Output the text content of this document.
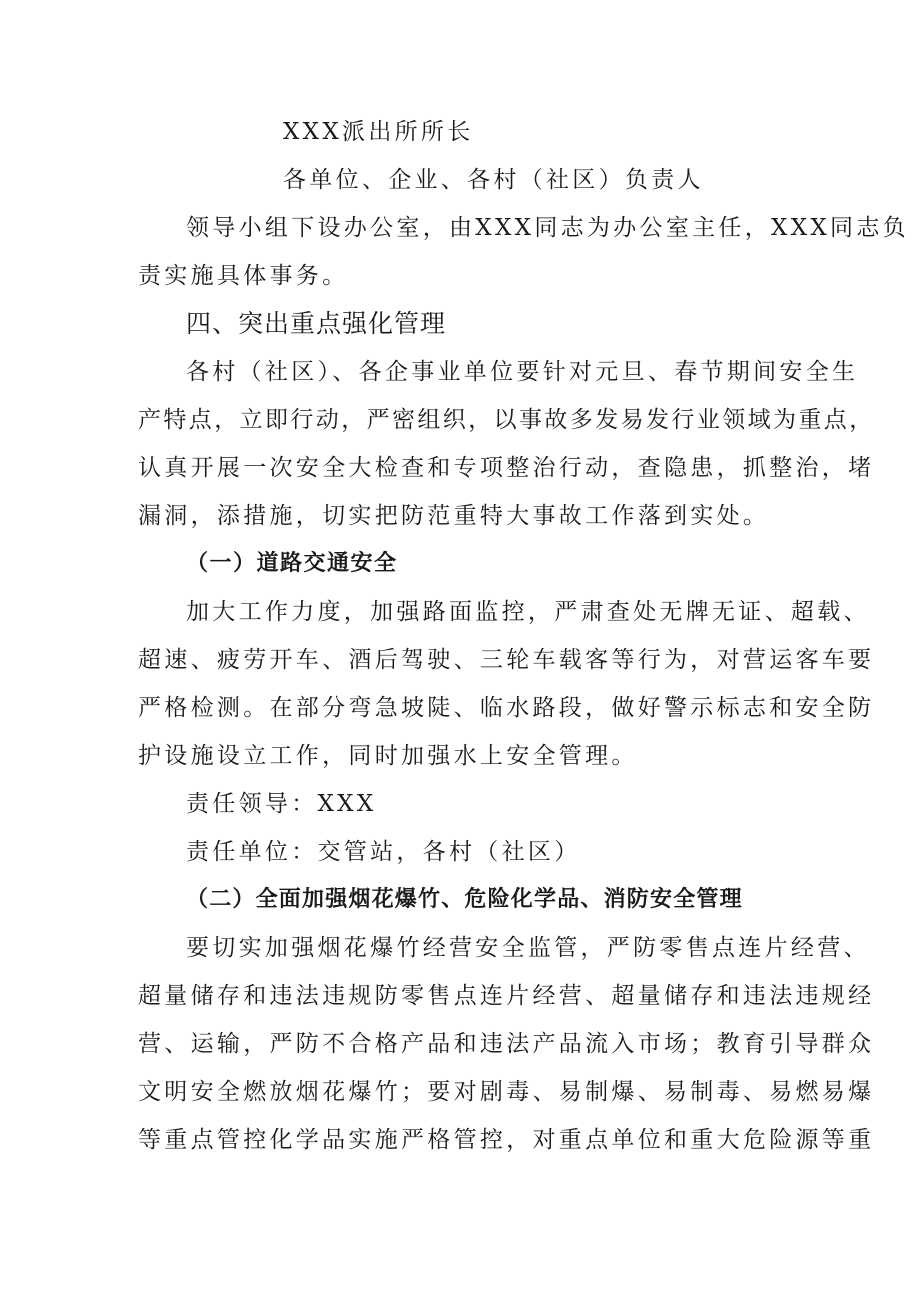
XXX派出所所长
各单位、企业、各村（社区）负责人
领导小组下设办公室，由XXX同志为办公室主任，XXX同志负
责实施具体事务。
四、突出重点强化管理
各村（社区）、各企事业单位要针对元旦、春节期间安全生
产特点，立即行动，严密组织，以事故多发易发行业领域为重点，
认真开展一次安全大检查和专项整治行动，查隐患，抓整治，堵
漏洞，添措施，切实把防范重特大事故工作落到实处。
（一）道路交通安全
加大工作力度，加强路面监控，严肃查处无牌无证、超载、
超速、疲劳开车、酒后驾驶、三轮车载客等行为，对营运客车要
严格检测。在部分弯急坡陡、临水路段，做好警示标志和安全防
护设施设立工作，同时加强水上安全管理。
责任领导：XXX
责任单位：交管站，各村（社区）
（二）全面加强烟花爆竹、危险化学品、消防安全管理
要切实加强烟花爆竹经营安全监管，严防零售点连片经营、
超量储存和违法违规防零售点连片经营、超量储存和违法违规经
营、运输，严防不合格产品和违法产品流入市场；教育引导群众
文明安全燃放烟花爆竹；要对剧毒、易制爆、易制毒、易燃易爆
等重点管控化学品实施严格管控，对重点单位和重大危险源等重
